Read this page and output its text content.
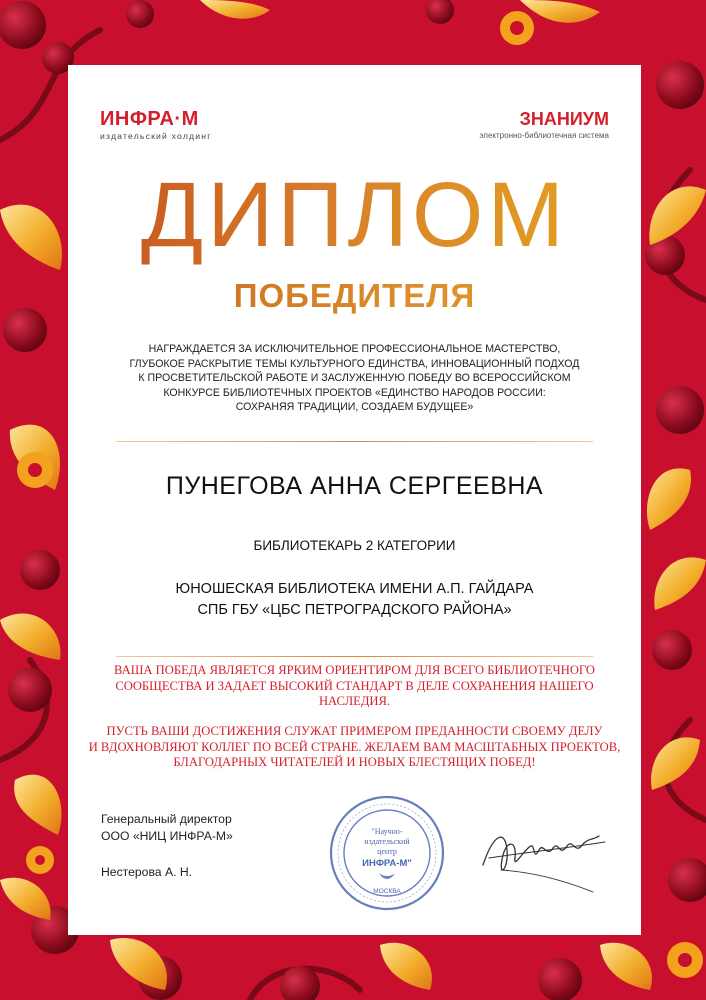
ИНФРА·М
издательский холдинг
ЗНАНИУМ
электронно-библиотечная система
ДИПЛОМ
ПОБЕДИТЕЛЯ
НАГРАЖДАЕТСЯ ЗА ИСКЛЮЧИТЕЛЬНОЕ ПРОФЕССИОНАЛЬНОЕ МАСТЕРСТВО,
ГЛУБОКОЕ РАСКРЫТИЕ ТЕМЫ КУЛЬТУРНОГО ЕДИНСТВА, ИННОВАЦИОННЫЙ ПОДХОД
К ПРОСВЕТИТЕЛЬСКОЙ РАБОТЕ И ЗАСЛУЖЕННУЮ ПОБЕДУ ВО ВСЕРОССИЙСКОМ
КОНКУРСЕ БИБЛИОТЕЧНЫХ ПРОЕКТОВ «ЕДИНСТВО НАРОДОВ РОССИИ:
СОХРАНЯЯ ТРАДИЦИИ, СОЗДАЕМ БУДУЩЕЕ»
ПУНЕГОВА АННА СЕРГЕЕВНА
БИБЛИОТЕКАРЬ 2 КАТЕГОРИИ
ЮНОШЕСКАЯ БИБЛИОТЕКА ИМЕНИ А.П. ГАЙДАРА
СПБ ГБУ «ЦБС ПЕТРОГРАДСКОГО РАЙОНА»
ВАША ПОБЕДА ЯВЛЯЕТСЯ ЯРКИМ ОРИЕНТИРОМ ДЛЯ ВСЕГО БИБЛИОТЕЧНОГО
СООБЩЕСТВА И ЗАДАЕТ ВЫСОКИЙ СТАНДАРТ В ДЕЛЕ СОХРАНЕНИЯ НАШЕГО НАСЛЕДИЯ.
ПУСТЬ ВАШИ ДОСТИЖЕНИЯ СЛУЖАТ ПРИМЕРОМ ПРЕДАННОСТИ СВОЕМУ ДЕЛУ
И ВДОХНОВЛЯЮТ КОЛЛЕГ ПО ВСЕЙ СТРАНЕ. ЖЕЛАЕМ ВАМ МАСШТАБНЫХ ПРОЕКТОВ,
БЛАГОДАРНЫХ ЧИТАТЕЛЕЙ И НОВЫХ БЛЕСТЯЩИХ ПОБЕД!
Генеральный директор
ООО «НИЦ ИНФРА-М»
Нестерова А. Н.
"Научно-
издательский
центр
ИНФРА-М"
МОСКВА
